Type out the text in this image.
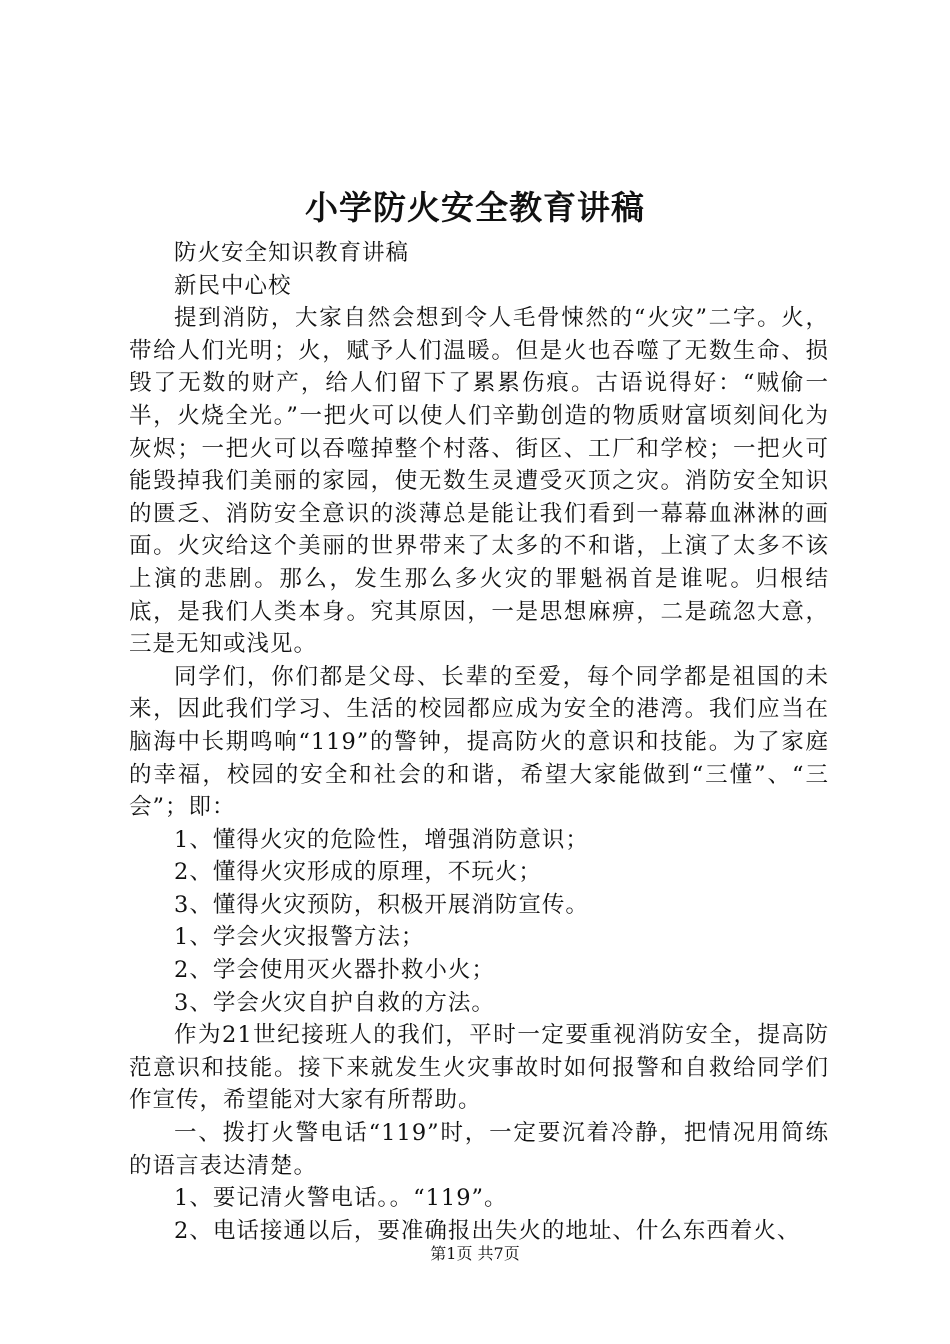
小学防火安全教育讲稿

防火安全知识教育讲稿

新民中心校

提到消防，大家自然会想到令人毛骨悚然的“火灾”二字。火，带给人们光明；火，赋予人们温暖。但是火也吞噬了无数生命、损毁了无数的财产，给人们留下了累累伤痕。古语说得好：“贼偷一半，火烧全光。”一把火可以使人们辛勤创造的物质财富顷刻间化为灰烬；一把火可以吞噬掉整个村落、街区、工厂和学校；一把火可能毁掉我们美丽的家园，使无数生灵遭受灭顶之灾。消防安全知识的匮乏、消防安全意识的淡薄总是能让我们看到一幕幕血淋淋的画面。火灾给这个美丽的世界带来了太多的不和谐，上演了太多不该上演的悲剧。那么，发生那么多火灾的罪魁祸首是谁呢。归根结底，是我们人类本身。究其原因，一是思想麻痹，二是疏忽大意，三是无知或浅见。

同学们，你们都是父母、长辈的至爱，每个同学都是祖国的未来，因此我们学习、生活的校园都应成为安全的港湾。我们应当在脑海中长期鸣响“119”的警钟，提高防火的意识和技能。为了家庭的幸福，校园的安全和社会的和谐，希望大家能做到“三懂”、“三会”；即：

1、懂得火灾的危险性，增强消防意识；

2、懂得火灾形成的原理，不玩火；

3、懂得火灾预防，积极开展消防宣传。

1、学会火灾报警方法；

2、学会使用灭火器扑救小火；

3、学会火灾自护自救的方法。

作为21世纪接班人的我们，平时一定要重视消防安全，提高防范意识和技能。接下来就发生火灾事故时如何报警和自救给同学们作宣传，希望能对大家有所帮助。

一、拨打火警电话“119”时，一定要沉着冷静，把情况用简练的语言表达清楚。

1、要记清火警电话。。“119”。

2、电话接通以后，要准确报出失火的地址、什么东西着火、

第1页 共7页
